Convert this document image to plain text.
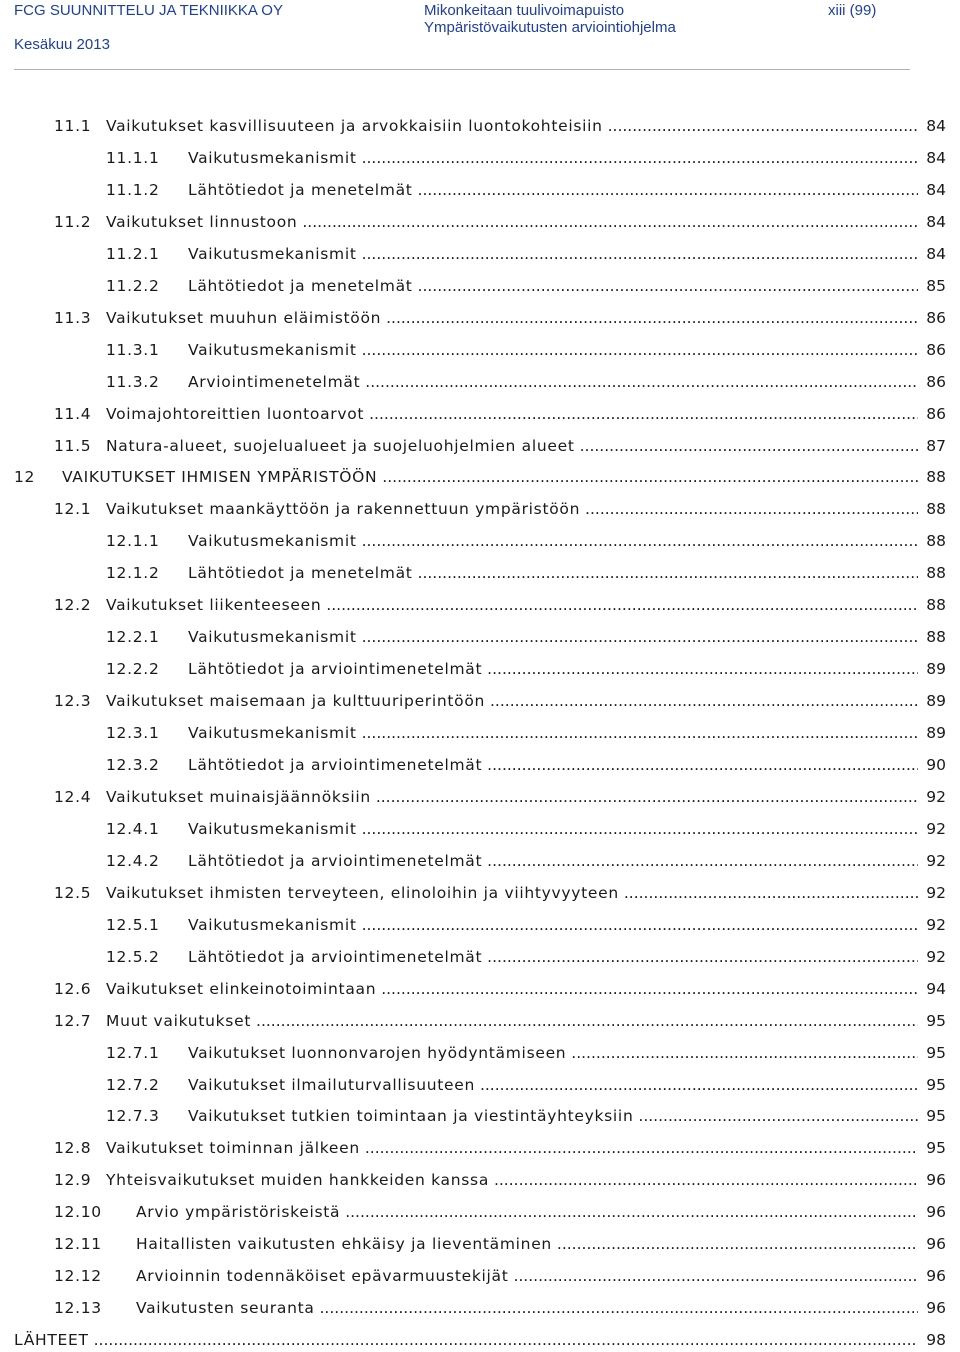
FCG SUUNNITTELU JA TEKNIIKKA OY
Kesäkuu 2013
Mikonkeitaan tuulivoimapuisto
Ympäristövaikutusten arviointiohjelma
xiii (99)
11.1 Vaikutukset kasvillisuuteen ja arvokkaisiin luontokohteisiin .....	84
11.1.1 Vaikutusmekanismit .....	84
11.1.2 Lähtötiedot ja menetelmät .....	84
11.2 Vaikutukset linnustoon .....	84
11.2.1 Vaikutusmekanismit .....	84
11.2.2 Lähtötiedot ja menetelmät .....	85
11.3 Vaikutukset muuhun eläimistöön .....	86
11.3.1 Vaikutusmekanismit .....	86
11.3.2 Arviointimenetelmät .....	86
11.4 Voimajohtoreittien luontoarvot .....	86
11.5 Natura-alueet, suojelualueet ja suojeluohjelmien alueet .....	87
12 VAIKUTUKSET IHMISEN YMPÄRISTÖÖN .....	88
12.1 Vaikutukset maankäyttöön ja rakennettuun ympäristöön .....	88
12.1.1 Vaikutusmekanismit .....	88
12.1.2 Lähtötiedot ja menetelmät .....	88
12.2 Vaikutukset liikenteeseen .....	88
12.2.1 Vaikutusmekanismit .....	88
12.2.2 Lähtötiedot ja arviointimenetelmät .....	89
12.3 Vaikutukset maisemaan ja kulttuuriperintöön .....	89
12.3.1 Vaikutusmekanismit .....	89
12.3.2 Lähtötiedot ja arviointimenetelmät .....	90
12.4 Vaikutukset muinaisjäännöksiin .....	92
12.4.1 Vaikutusmekanismit .....	92
12.4.2 Lähtötiedot ja arviointimenetelmät .....	92
12.5 Vaikutukset ihmisten terveyteen, elinoloihin ja viihtyvyyteen .....	92
12.5.1 Vaikutusmekanismit .....	92
12.5.2 Lähtötiedot ja arviointimenetelmät .....	92
12.6 Vaikutukset elinkeinotoimintaan .....	94
12.7 Muut vaikutukset .....	95
12.7.1 Vaikutukset luonnonvarojen hyödyntämiseen .....	95
12.7.2 Vaikutukset ilmailuturvallisuuteen .....	95
12.7.3 Vaikutukset tutkien toimintaan ja viestintäyhteyksiin .....	95
12.8 Vaikutukset toiminnan jälkeen .....	95
12.9 Yhteisvaikutukset muiden hankkeiden kanssa .....	96
12.10 Arvio ympäristöriskeistä .....	96
12.11 Haitallisten vaikutusten ehkäisy ja lieventäminen .....	96
12.12 Arvioinnin todennäköiset epävarmuustekijät .....	96
12.13 Vaikutusten seuranta .....	96
LÄHTEET .....	98
